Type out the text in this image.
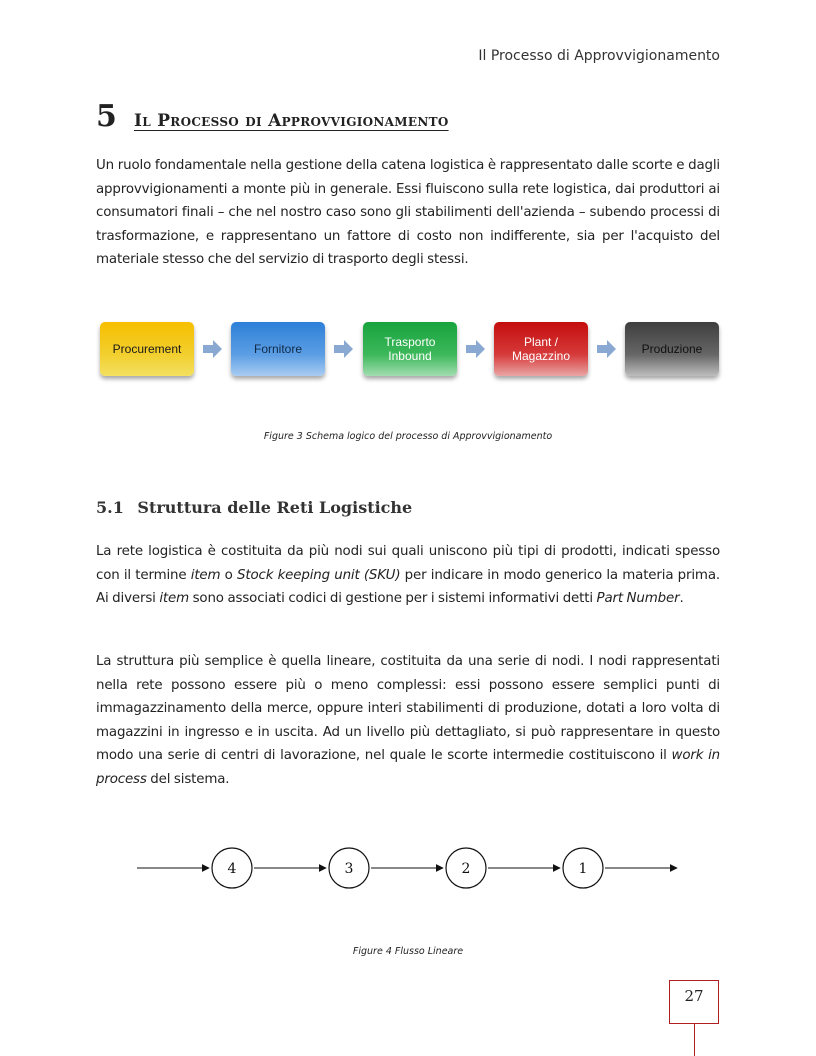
Il Processo di Approvvigionamento
5 Il Processo di Approvvigionamento

Un ruolo fondamentale nella gestione della catena logistica è rappresentato dalle scorte e dagli approvvigionamenti a monte più in generale. Essi fluiscono sulla rete logistica, dai produttori ai consumatori finali – che nel nostro caso sono gli stabilimenti dell'azienda – subendo processi di trasformazione, e rappresentano un fattore di costo non indifferente, sia per l'acquisto del materiale stesso che del servizio di trasporto degli stessi.

Procurement	Fornitore	Trasporto
Inbound
Plant /
Magazzino	Produzione

Figure 3 Schema logico del processo di Approvvigionamento

5.1 Struttura delle Reti Logistiche

La rete logistica è costituita da più nodi sui quali uniscono più tipi di prodotti, indicati spesso con il termine item o Stock keeping unit (SKU) per indicare in modo generico la materia prima. Ai diversi item sono associati codici di gestione per i sistemi informativi detti Part Number.

La struttura più semplice è quella lineare, costituita da una serie di nodi. I nodi rappresentati nella rete possono essere più o meno complessi: essi possono essere semplici punti di immagazzinamento della merce, oppure interi stabilimenti di produzione, dotati a loro volta di magazzini in ingresso e in uscita. Ad un livello più dettagliato, si può rappresentare in questo modo una serie di centri di lavorazione, nel quale le scorte intermedie costituiscono il work in process del sistema.

4	3	2	1

Figure 4 Flusso Lineare

27
